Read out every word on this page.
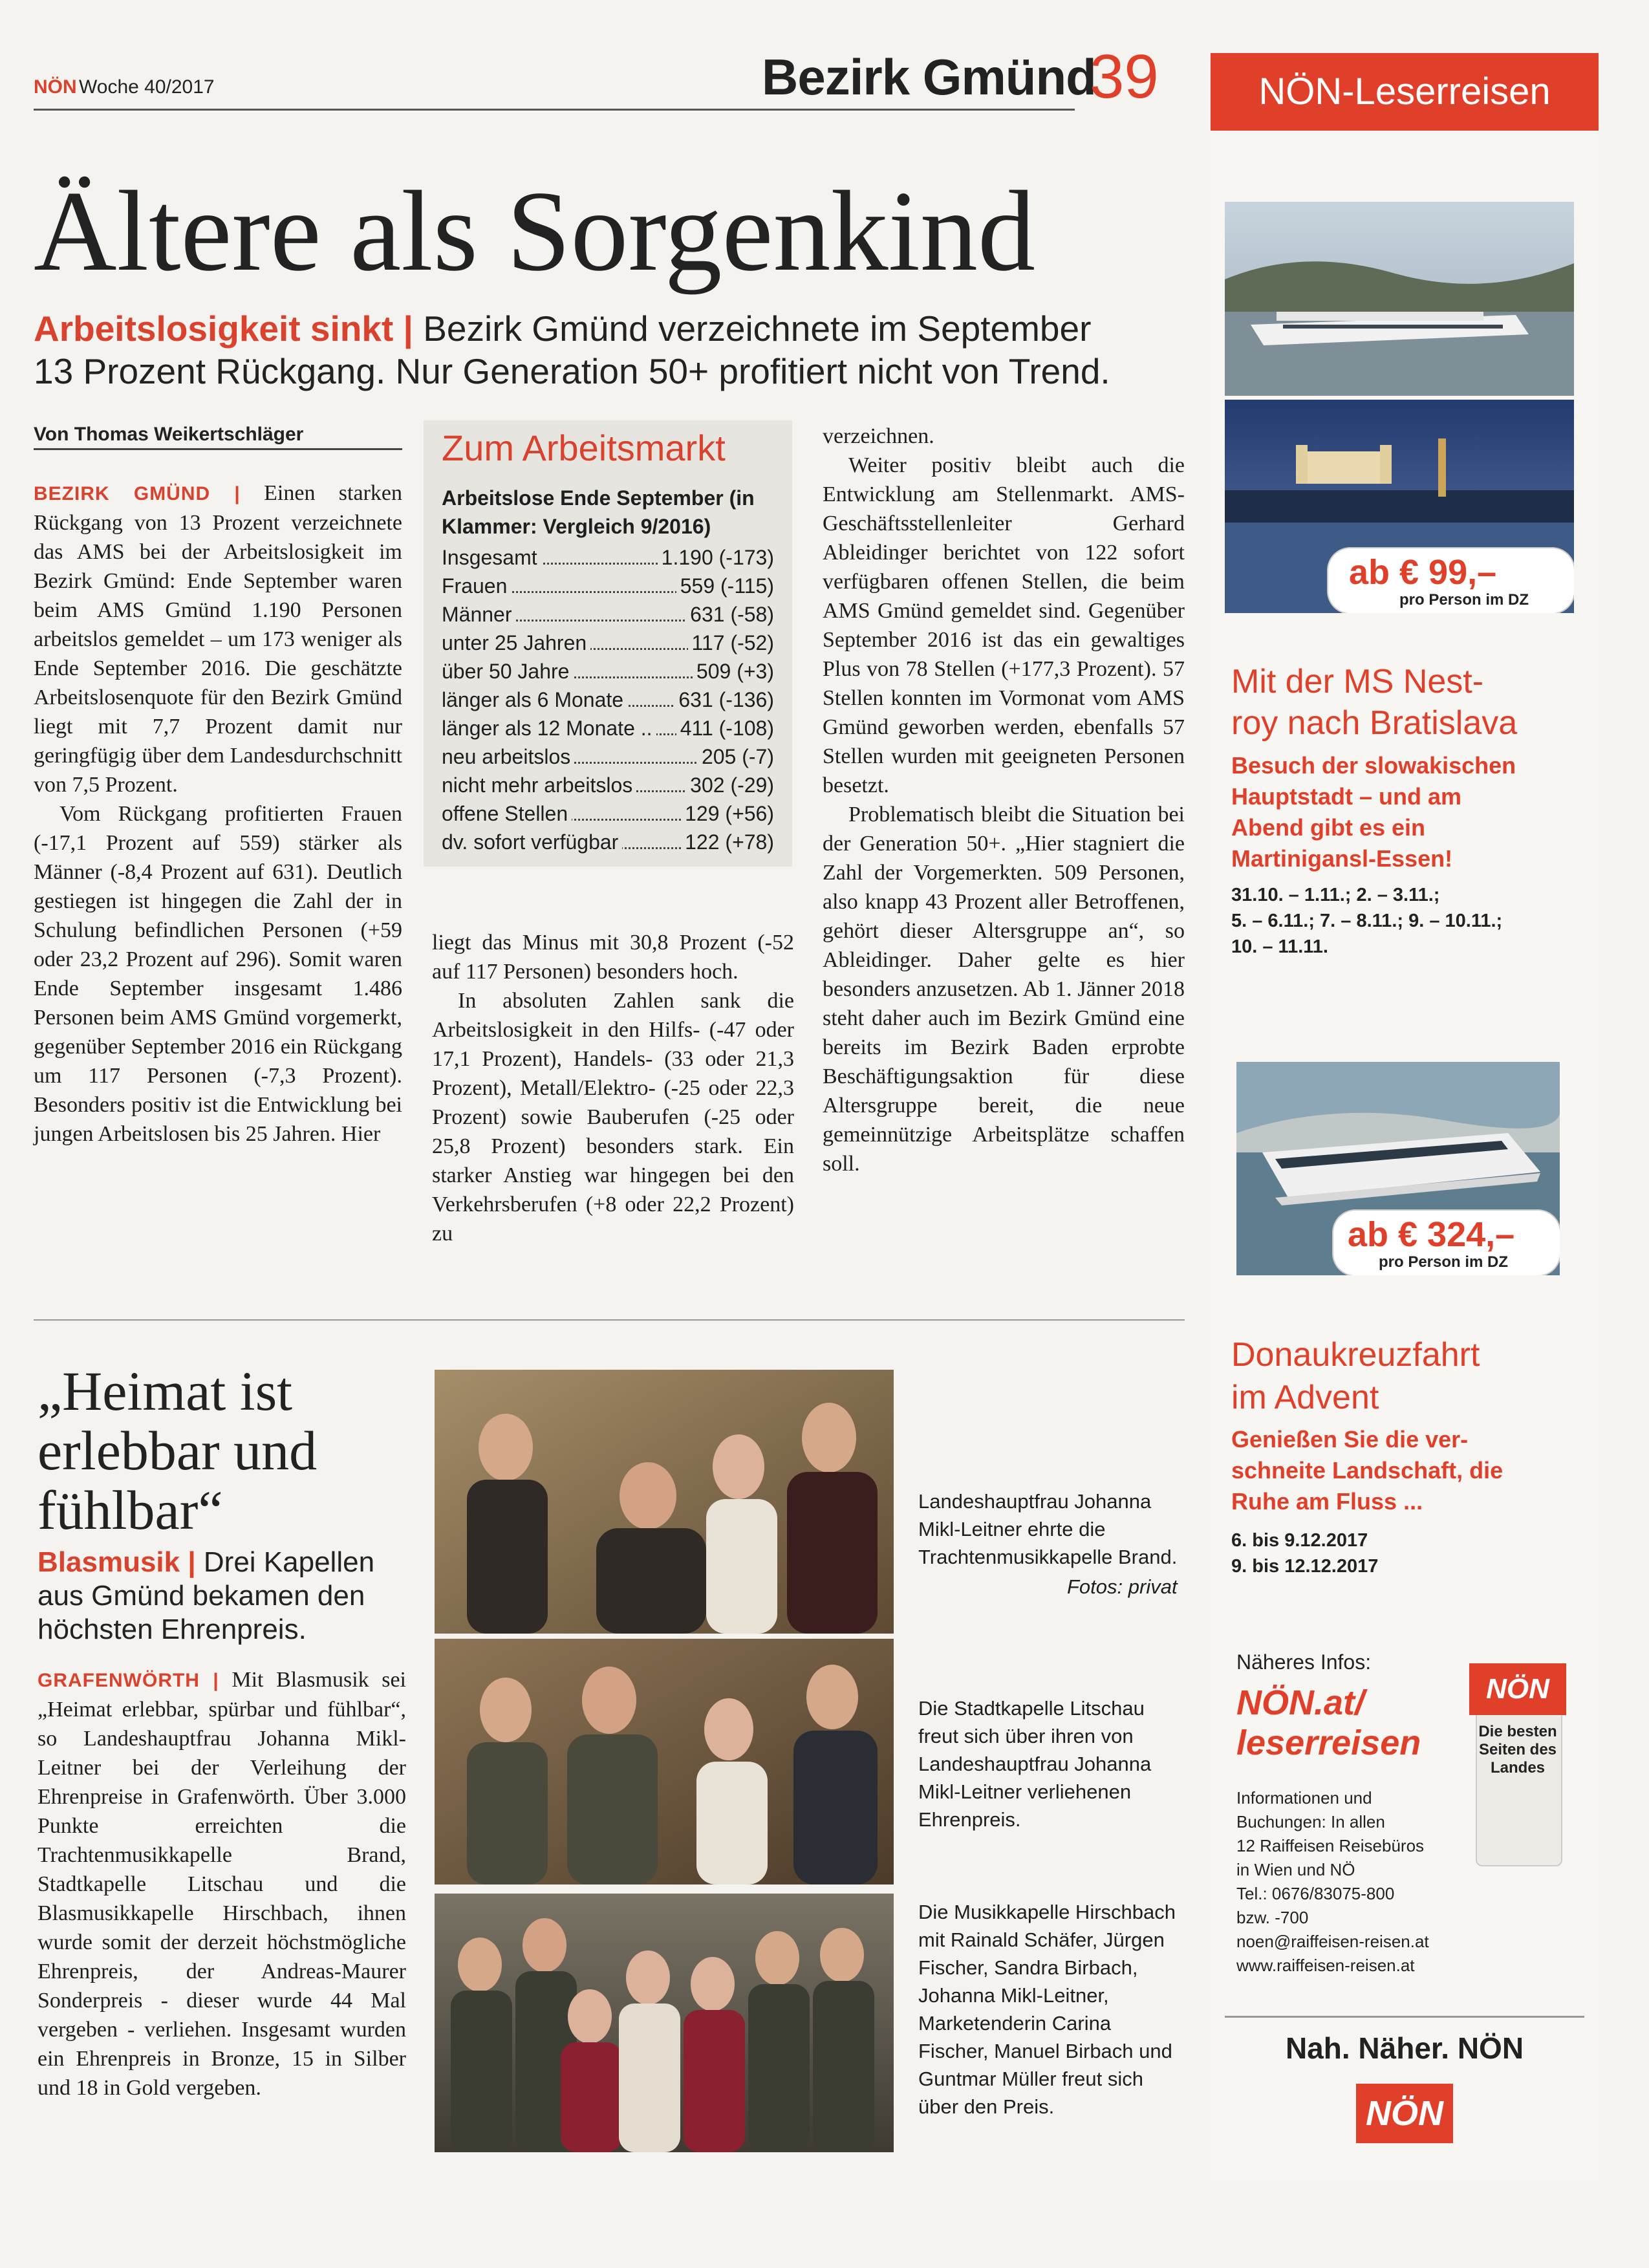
NÖN Woche 40/2017	Bezirk Gmünd
39
Ältere als Sorgenkind
Arbeitslosigkeit sinkt | Bezirk Gmünd verzeichnete im September
13 Prozent Rückgang. Nur Generation 50+ profitiert nicht von Trend.
Von Thomas Weikertschläger

BEZIRK GMÜND | Einen starken Rückgang von 13 Prozent verzeichnete das AMS bei der Arbeitslosigkeit im Bezirk Gmünd: Ende September waren beim AMS Gmünd 1.190 Personen arbeitslos gemeldet – um 173 weniger als Ende September 2016. Die geschätzte Arbeitslosenquote für den Bezirk Gmünd liegt mit 7,7 Prozent damit nur geringfügig über dem Landesdurchschnitt von 7,5 Prozent.

Vom Rückgang profitierten Frauen (-17,1 Prozent auf 559) stärker als Männer (-8,4 Prozent auf 631). Deutlich gestiegen ist hingegen die Zahl der in Schulung befindlichen Personen (+59 oder 23,2 Prozent auf 296). Somit waren Ende September insgesamt 1.486 Personen beim AMS Gmünd vorgemerkt, gegenüber September 2016 ein Rückgang um 117 Personen (-7,3 Prozent). Besonders positiv ist die Entwicklung bei jungen Arbeitslosen bis 25 Jahren. Hier

Zum Arbeitsmarkt
Arbeitslose Ende September (in Klammer: Vergleich 9/2016)
Insgesamt	1.190 (-173)
Frauen	559 (-115)
Männer	631 (-58)
unter 25 Jahren	117 (-52)
über 50 Jahre	509 (+3)
länger als 6 Monate	631 (-136)
länger als 12 Monate .. 411 (-108)
neu arbeitslos	205 (-7)
nicht mehr arbeitslos	302 (-29)
offene Stellen	129 (+56)
dv. sofort verfügbar	122 (+78)

liegt das Minus mit 30,8 Prozent (-52 auf 117 Personen) besonders hoch.

In absoluten Zahlen sank die Arbeitslosigkeit in den Hilfs- (-47 oder 17,1 Prozent), Handels- (33 oder 21,3 Prozent), Metall/Elektro- (-25 oder 22,3 Prozent) sowie Bauberufen (-25 oder 25,8 Prozent) besonders stark. Ein starker Anstieg war hingegen bei den Verkehrsberufen (+8 oder 22,2 Prozent) zu

verzeichnen.

Weiter positiv bleibt auch die Entwicklung am Stellenmarkt. AMS-Geschäftsstellenleiter Gerhard Ableidinger berichtet von 122 sofort verfügbaren offenen Stellen, die beim AMS Gmünd gemeldet sind. Gegenüber September 2016 ist das ein gewaltiges Plus von 78 Stellen (+177,3 Prozent). 57 Stellen konnten im Vormonat vom AMS Gmünd geworben werden, ebenfalls 57 Stellen wurden mit geeigneten Personen besetzt.

Problematisch bleibt die Situation bei der Generation 50+. „Hier stagniert die Zahl der Vorgemerkten. 509 Personen, also knapp 43 Prozent aller Betroffenen, gehört dieser Altersgruppe an“, so Ableidinger. Daher gelte es hier besonders anzusetzen. Ab 1. Jänner 2018 steht daher auch im Bezirk Gmünd eine bereits im Bezirk Baden erprobte Beschäftigungsaktion für diese Altersgruppe bereit, die neue gemeinnützige Arbeitsplätze schaffen soll.

„Heimat ist
erlebbar und
fühlbar“
Blasmusik | Drei Kapellen
aus Gmünd bekamen den
höchsten Ehrenpreis.

GRAFENWÖRTH | Mit Blasmusik sei „Heimat erlebbar, spürbar und fühlbar“, so Landeshauptfrau Johanna Mikl-Leitner bei der Verleihung der Ehrenpreise in Grafenwörth. Über 3.000 Punkte erreichten die Trachtenmusikkapelle Brand, Stadtkapelle Litschau und die Blasmusikkapelle Hirschbach, ihnen wurde somit der derzeit höchstmögliche Ehrenpreis, der Andreas-Maurer Sonderpreis - dieser wurde 44 Mal vergeben - verliehen. Insgesamt wurden ein Ehrenpreis in Bronze, 15 in Silber und 18 in Gold vergeben.

Landeshauptfrau Johanna Mikl-Leitner ehrte die Trachtenmusikkapelle Brand.
Fotos: privat
Die Stadtkapelle Litschau freut sich über ihren von Landeshauptfrau Johanna Mikl-Leitner verliehenen Ehrenpreis.
Die Musikkapelle Hirschbach mit Rainald Schäfer, Jürgen Fischer, Sandra Birbach, Johanna Mikl-Leitner, Marketenderin Carina Fischer, Manuel Birbach und Guntmar Müller freut sich über den Preis.
NÖN-Leserreisen
ab € 99,–
pro Person im DZ
Mit der MS Nest-
roy nach Bratislava
Besuch der slowakischen
Hauptstadt – und am
Abend gibt es ein
Martiniganѕl-Essen!
31.10. – 1.11.; 2. – 3.11.;
5. – 6.11.; 7. – 8.11.; 9. – 10.11.;
10. – 11.11.
ab € 324,–
pro Person im DZ
Donaukreuzfahrt
im Advent
Genießen Sie die ver-
schneite Landschaft, die
Ruhe am Fluss ...
6. bis 9.12.2017
9. bis 12.12.2017
Näheres Infos:
NÖN.at/
leserreisen
Informationen und
Buchungen: In allen
12 Raiffeisen Reisebüros
in Wien und NÖ
Tel.: 0676/83075-800
bzw. -700
noen@raiffeisen-reisen.at
www.raiffeisen-reisen.at
NÖN
Die besten
Seiten des
Landes
Nah. Näher. NÖN
NÖN
